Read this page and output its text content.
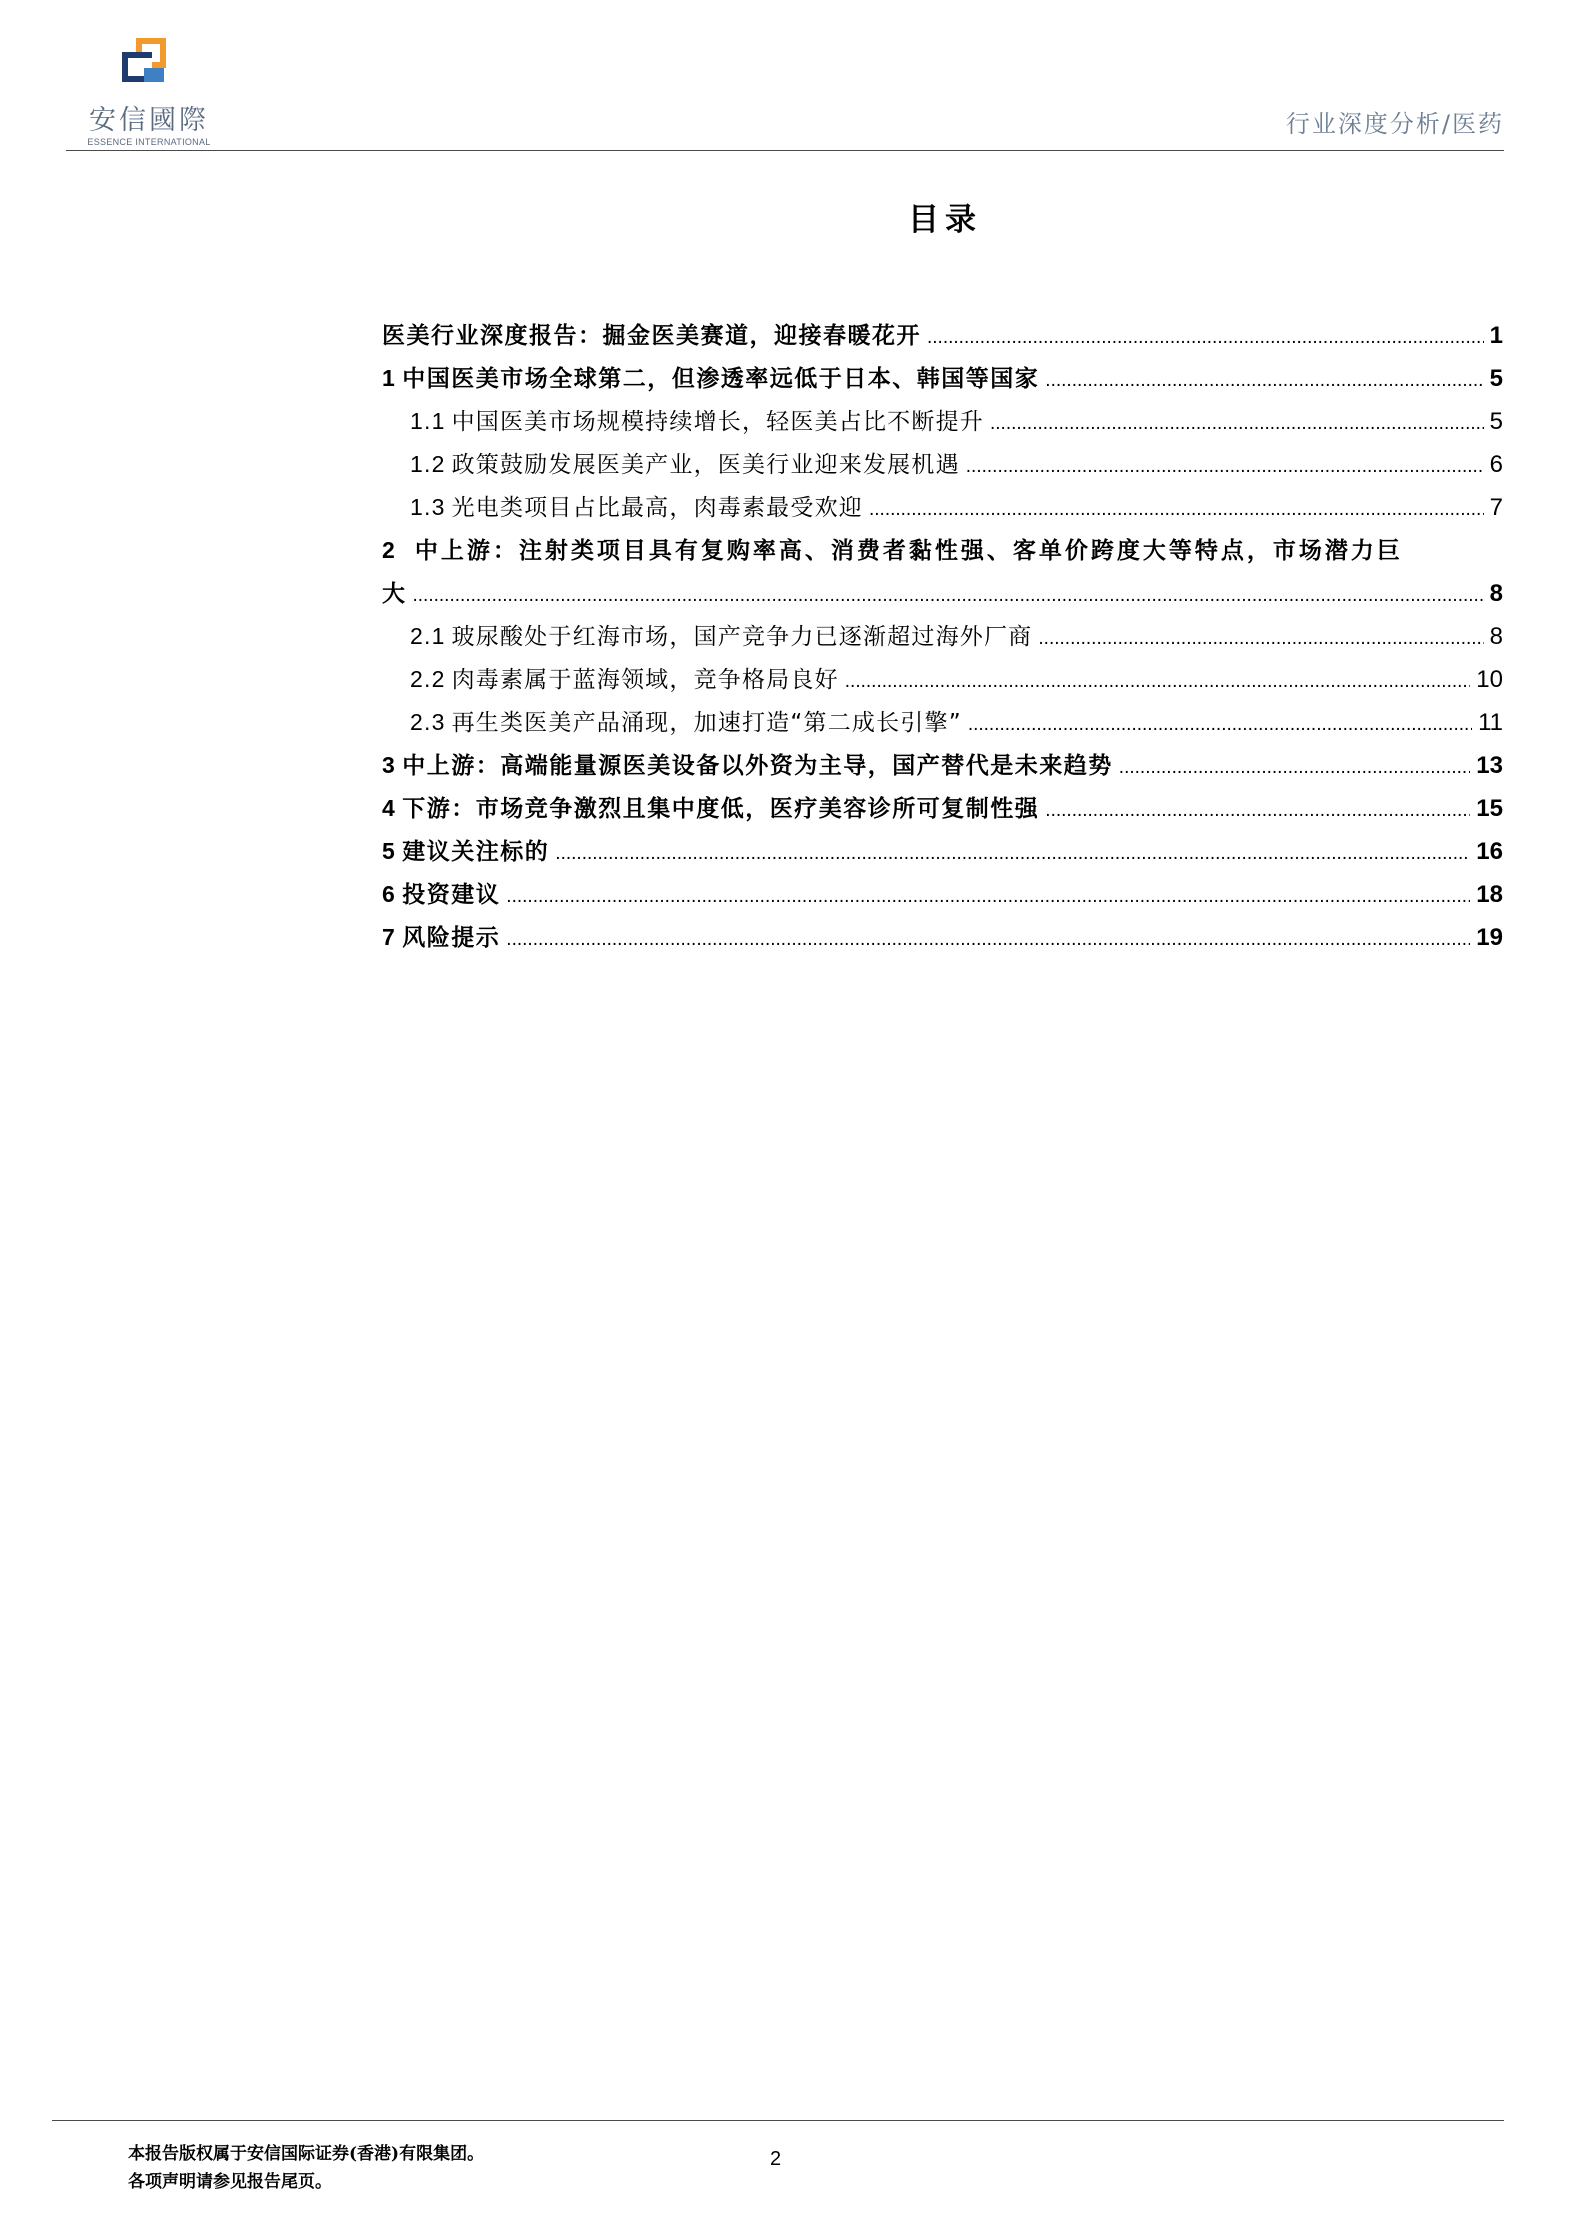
安信國際
ESSENCE INTERNATIONAL
行业深度分析/医药
目录
医美行业深度报告：掘金医美赛道，迎接春暖花开 .....	1
1 中国医美市场全球第二，但渗透率远低于日本、韩国等国家 .....	5
1.1 中国医美市场规模持续增长，轻医美占比不断提升 .....	5
1.2 政策鼓励发展医美产业，医美行业迎来发展机遇 .....	6
1.3 光电类项目占比最高，肉毒素最受欢迎 .....	7
2 中上游：注射类项目具有复购率高、消费者黏性强、客单价跨度大等特点，市场潜力巨
大 .....	8
2.1 玻尿酸处于红海市场，国产竞争力已逐渐超过海外厂商 .....	8
2.2 肉毒素属于蓝海领域，竞争格局良好 .....	10
2.3 再生类医美产品涌现，加速打造“第二成长引擎” .....	11
3 中上游：高端能量源医美设备以外资为主导，国产替代是未来趋势 .....	13
4 下游：市场竞争激烈且集中度低，医疗美容诊所可复制性强 .....	15
5 建议关注标的 .....	16
6 投资建议 .....	18
7 风险提示 .....	19
本报告版权属于安信国际证券(香港)有限集团。
各项声明请参见报告尾页。
2
